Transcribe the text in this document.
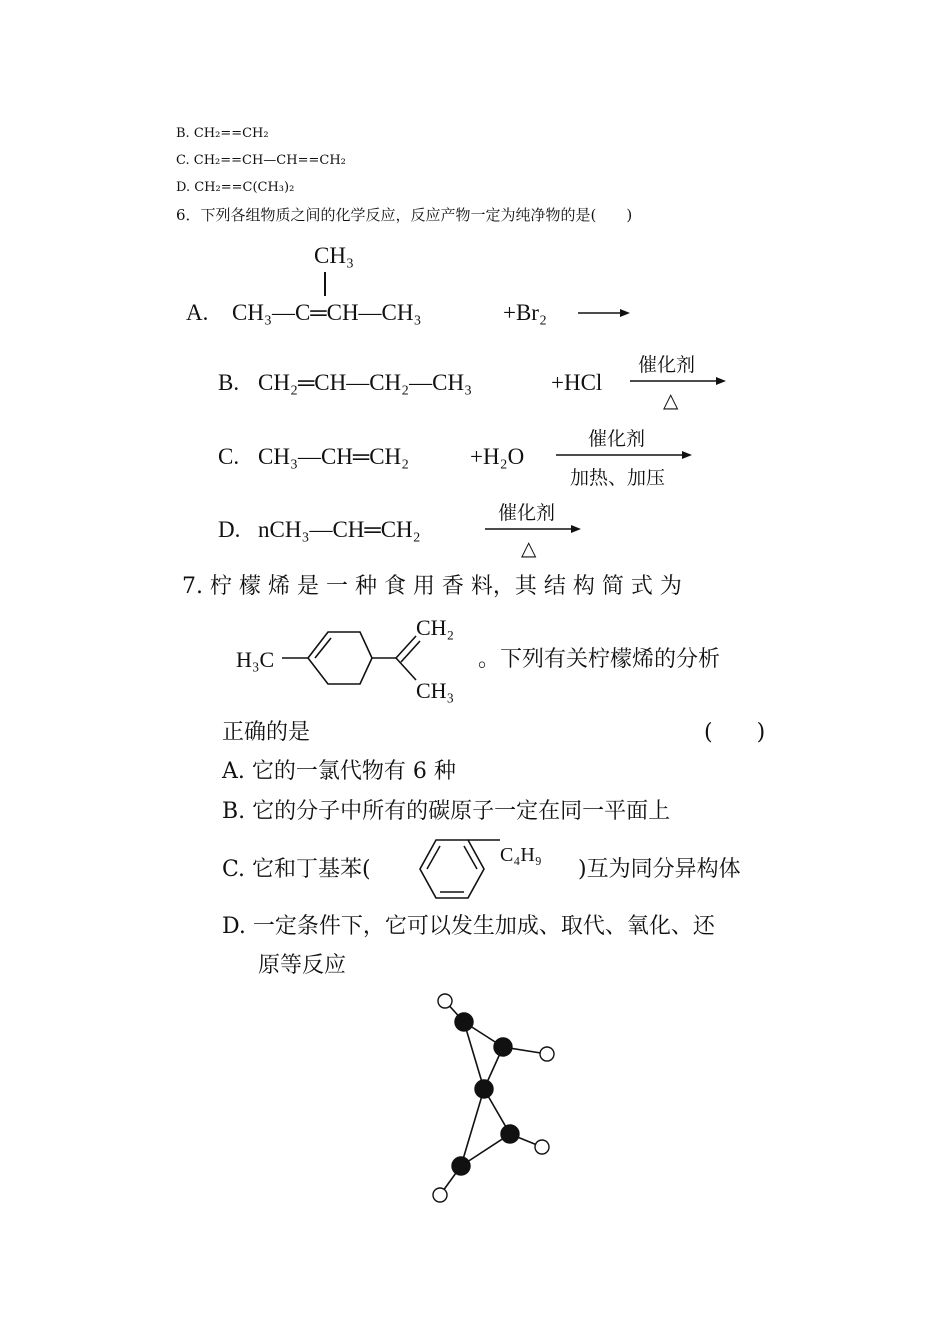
B. CH₂==CH₂
C. CH₂==CH—CH==CH₂
D. CH₂==C(CH₃)₂
6．下列各组物质之间的化学反应，反应产物一定为纯净物的是(　　)
A.
CH₃
CH₃—C═CH—CH₃	+Br₂
B. CH₂═CH—CH₂—CH₃	+HCl
催化剂
△
C. CH₃—CH═CH₂	+H₂O
催化剂
加热、加压
D. nCH₃—CH═CH₂
催化剂
△
7. 柠 檬 烯 是 一 种 食 用 香 料，其 结 构 简 式 为
H₃C
CH₂
CH₃
。下列有关柠檬烯的分析
正确的是	(　　)
A. 它的一氯代物有 6 种
B. 它的分子中所有的碳原子一定在同一平面上
C. 它和丁基苯(
C₄H₉
)互为同分异构体
D. 一定条件下，它可以发生加成、取代、氧化、还
原等反应
